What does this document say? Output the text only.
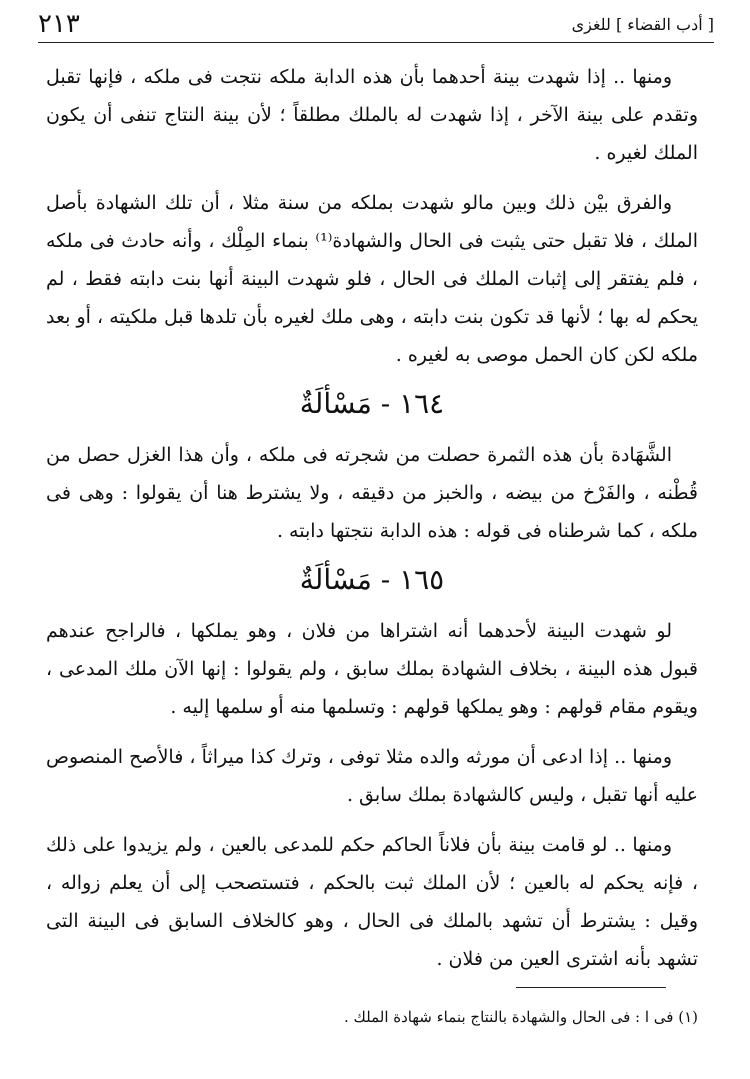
٢١٣	[ أدب القضاء ] للغزى

ومنها .. إذا شهدت بينة أحدهما بأن هذه الدابة ملكه نتجت فى ملكه ، فإنها تقبل وتقدم على بينة الآخر ، إذا شهدت له بالملك مطلقاً ؛ لأن بينة النتاج تنفى أن يكون الملك لغيره .

والفرق بيْن ذلك وبين مالو شهدت بملكه من سنة مثلا ، أن تلك الشهادة بأصل الملك ، فلا تقبل حتى يثبت فى الحال والشهادة⁽¹⁾ بنماء المِلْك ، وأنه حادث فى ملكه ، فلم يفتقر إلى إثبات الملك فى الحال ، فلو شهدت البينة أنها بنت دابته فقط ، لم يحكم له بها ؛ لأنها قد تكون بنت دابته ، وهى ملك لغيره بأن تلدها قبل ملكيته ، أو بعد ملكه لكن كان الحمل موصى به لغيره .

١٦٤ - مَسْألَةٌ

الشَّهَادة بأن هذه الثمرة حصلت من شجرته فى ملكه ، وأن هذا الغزل حصل من قُطْنه ، والفَرْخ من بيضه ، والخبز من دقيقه ، ولا يشترط هنا أن يقولوا : وهى فى ملكه ، كما شرطناه فى قوله : هذه الدابة نتجتها دابته .

١٦٥ - مَسْألَةٌ

لو شهدت البينة لأحدهما أنه اشتراها من فلان ، وهو يملكها ، فالراجح عندهم قبول هذه البينة ، بخلاف الشهادة بملك سابق ، ولم يقولوا : إنها الآن ملك المدعى ، ويقوم مقام قولهم : وهو يملكها قولهم : وتسلمها منه أو سلمها إليه .

ومنها .. إذا ادعى أن مورثه والده مثلا توفى ، وترك كذا ميراثاً ، فالأصح المنصوص عليه أنها تقبل ، وليس كالشهادة بملك سابق .

ومنها .. لو قامت بينة بأن فلاناً الحاكم حكم للمدعى بالعين ، ولم يزيدوا على ذلك ، فإنه يحكم له بالعين ؛ لأن الملك ثبت بالحكم ، فتستصحب إلى أن يعلم زواله ، وقيل : يشترط أن تشهد بالملك فى الحال ، وهو كالخلاف السابق فى البينة التى تشهد بأنه اشترى العين من فلان .

(١) فى ا : فى الحال والشهادة بالنتاج بنماء شهادة الملك .
